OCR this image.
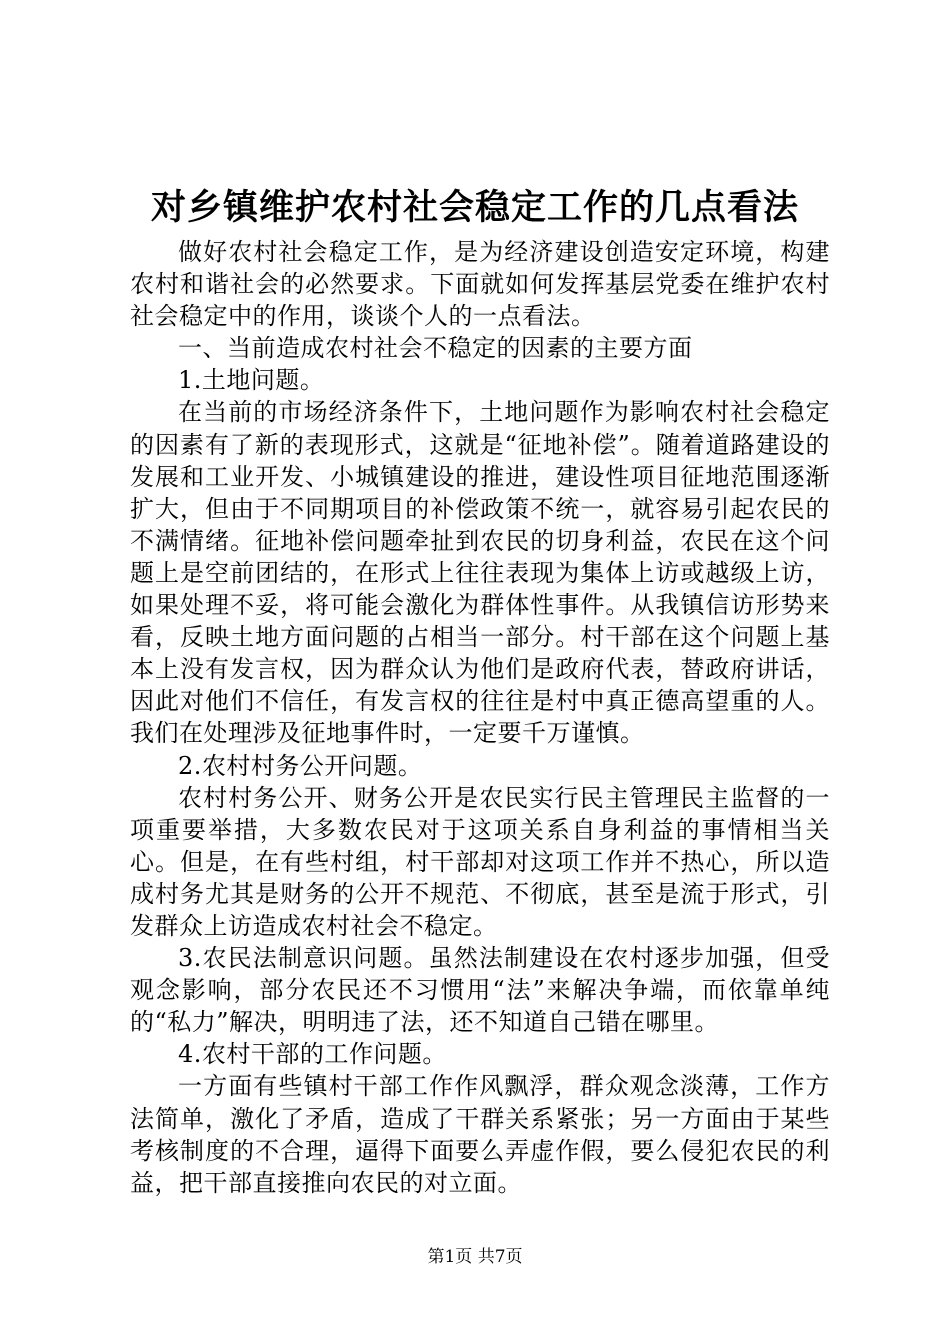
对乡镇维护农村社会稳定工作的几点看法

做好农村社会稳定工作，是为经济建设创造安定环境，构建农村和谐社会的必然要求。下面就如何发挥基层党委在维护农村社会稳定中的作用，谈谈个人的一点看法。

一、当前造成农村社会不稳定的因素的主要方面

1.土地问题。

在当前的市场经济条件下，土地问题作为影响农村社会稳定的因素有了新的表现形式，这就是“征地补偿”。随着道路建设的发展和工业开发、小城镇建设的推进，建设性项目征地范围逐渐扩大，但由于不同期项目的补偿政策不统一，就容易引起农民的不满情绪。征地补偿问题牵扯到农民的切身利益，农民在这个问题上是空前团结的，在形式上往往表现为集体上访或越级上访，如果处理不妥，将可能会激化为群体性事件。从我镇信访形势来看，反映土地方面问题的占相当一部分。村干部在这个问题上基本上没有发言权，因为群众认为他们是政府代表，替政府讲话，因此对他们不信任，有发言权的往往是村中真正德高望重的人。我们在处理涉及征地事件时，一定要千万谨慎。

2.农村村务公开问题。

农村村务公开、财务公开是农民实行民主管理民主监督的一项重要举措，大多数农民对于这项关系自身利益的事情相当关心。但是，在有些村组，村干部却对这项工作并不热心，所以造成村务尤其是财务的公开不规范、不彻底，甚至是流于形式，引发群众上访造成农村社会不稳定。

3.农民法制意识问题。虽然法制建设在农村逐步加强，但受观念影响，部分农民还不习惯用“法”来解决争端，而依靠单纯的“私力”解决，明明违了法，还不知道自己错在哪里。

4.农村干部的工作问题。

一方面有些镇村干部工作作风飘浮，群众观念淡薄，工作方法简单，激化了矛盾，造成了干群关系紧张；另一方面由于某些考核制度的不合理，逼得下面要么弄虚作假，要么侵犯农民的利益，把干部直接推向农民的对立面。

第1页 共7页
